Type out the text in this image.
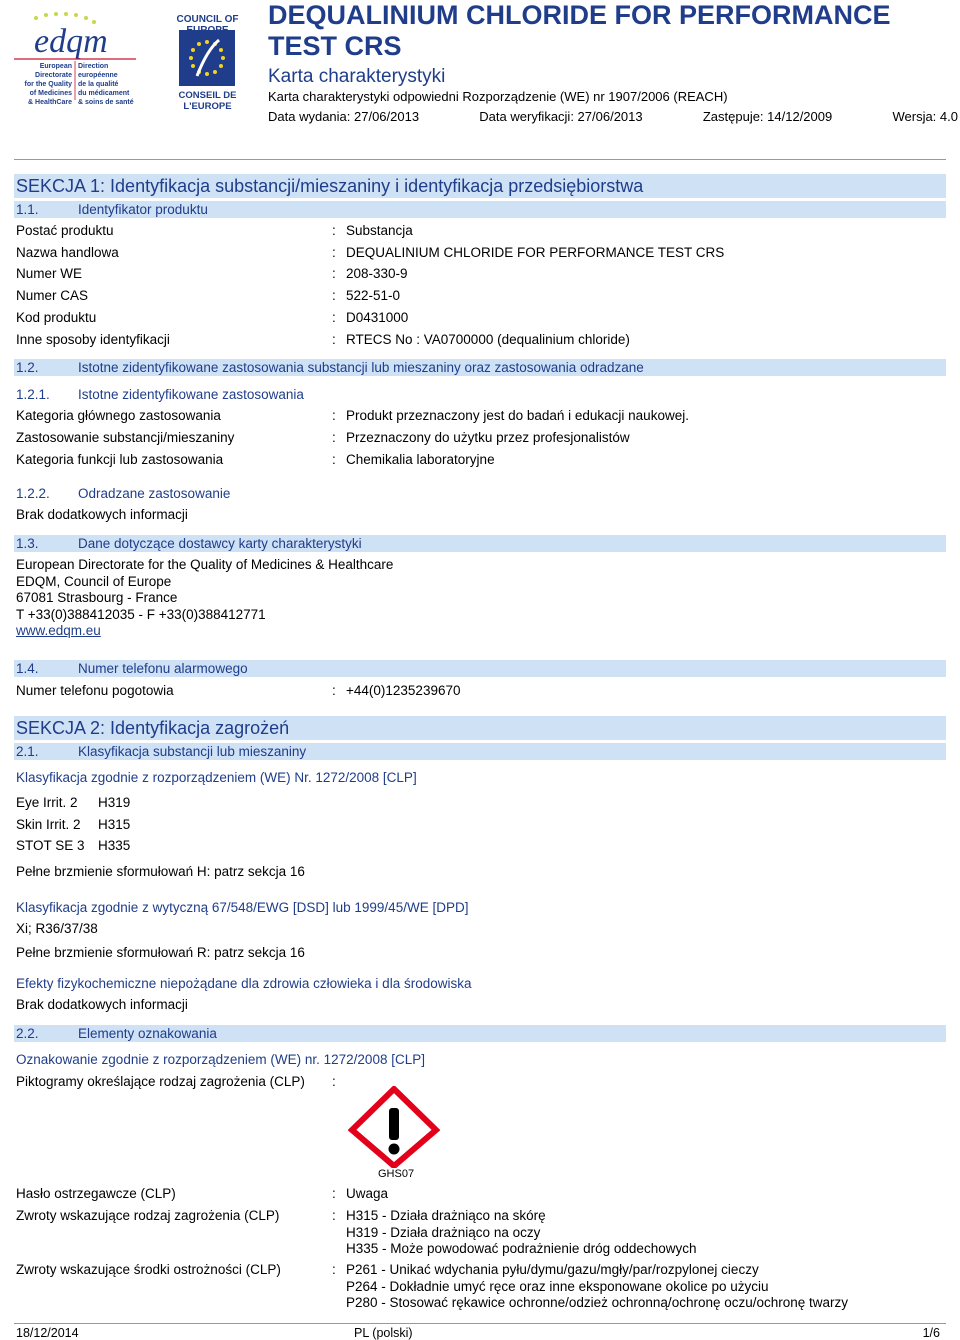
edqm
European Directorate
for the Quality
of Medicines
& HealthCare
Direction européenne
de la qualité
du médicament
& soins de santé
COUNCIL OF
CONSEIL DE L'EUROPE
DEQUALINIUM CHLORIDE FOR PERFORMANCE TEST CRS
Karta charakterystyki
Karta charakterystyki odpowiedni Rozporządzenie (WE) nr 1907/2006 (REACH)
Data wydania: 27/06/2013	Data weryfikacji: 27/06/2013	Zastępuje: 14/12/2009	Wersja: 4.0
SEKCJA 1: Identyfikacja substancji/mieszaniny i identyfikacja przedsiębiorstwa
1.1.	Identyfikator produktu
Postać produktu	: Substancja
Nazwa handlowa	: DEQUALINIUM CHLORIDE FOR PERFORMANCE TEST CRS
Numer WE	: 208-330-9
Numer CAS	: 522-51-0
Kod produktu	: D0431000
Inne sposoby identyfikacji	: RTECS No : VA0700000 (dequalinium chloride)
1.2.	Istotne zidentyfikowane zastosowania substancji lub mieszaniny oraz zastosowania odradzane
1.2.1. Istotne zidentyfikowane zastosowania
Kategoria głównego zastosowania	: Produkt przeznaczony jest do badań i edukacji naukowej.
Zastosowanie substancji/mieszaniny	: Przeznaczony do użytku przez profesjonalistów
Kategoria funkcji lub zastosowania	: Chemikalia laboratoryjne
1.2.2. Odradzane zastosowanie
Brak dodatkowych informacji
1.3.	Dane dotyczące dostawcy karty charakterystyki
European Directorate for the Quality of Medicines & Healthcare
EDQM, Council of Europe
67081 Strasbourg - France
T +33(0)388412035 - F +33(0)388412771
www.edqm.eu
1.4.	Numer telefonu alarmowego
Numer telefonu pogotowia	: +44(0)1235239670
SEKCJA 2: Identyfikacja zagrożeń
2.1.	Klasyfikacja substancji lub mieszaniny
Klasyfikacja zgodnie z rozporządzeniem (WE) Nr. 1272/2008 [CLP]
Eye Irrit. 2 H319
Skin Irrit. 2 H315
STOT SE 3 H335
Pełne brzmienie sformułowań H: patrz sekcja 16
Klasyfikacja zgodnie z wytyczną 67/548/EWG [DSD] lub 1999/45/WE [DPD]
Xi; R36/37/38
Pełne brzmienie sformułowań R: patrz sekcja 16
Efekty fizykochemiczne niepożądane dla zdrowia człowieka i dla środowiska
Brak dodatkowych informacji
2.2.	Elementy oznakowania
Oznakowanie zgodnie z rozporządzeniem (WE) nr. 1272/2008 [CLP]
Piktogramy określające rodzaj zagrożenia (CLP) :
GHS07
Hasło ostrzegawcze (CLP)	: Uwaga
Zwroty wskazujące rodzaj zagrożenia (CLP)	: H315 - Działa drażniąco na skórę
H319 - Działa drażniąco na oczy
H335 - Może powodować podrażnienie dróg oddechowych
Zwroty wskazujące środki ostrożności (CLP)	: P261 - Unikać wdychania pyłu/dymu/gazu/mgły/par/rozpylonej cieczy
P264 - Dokładnie umyć ręce oraz inne eksponowane okolice po użyciu
P280 - Stosować rękawice ochronne/odzież ochronną/ochronę oczu/ochronę twarzy
18/12/2014	PL (polski)	1/6
